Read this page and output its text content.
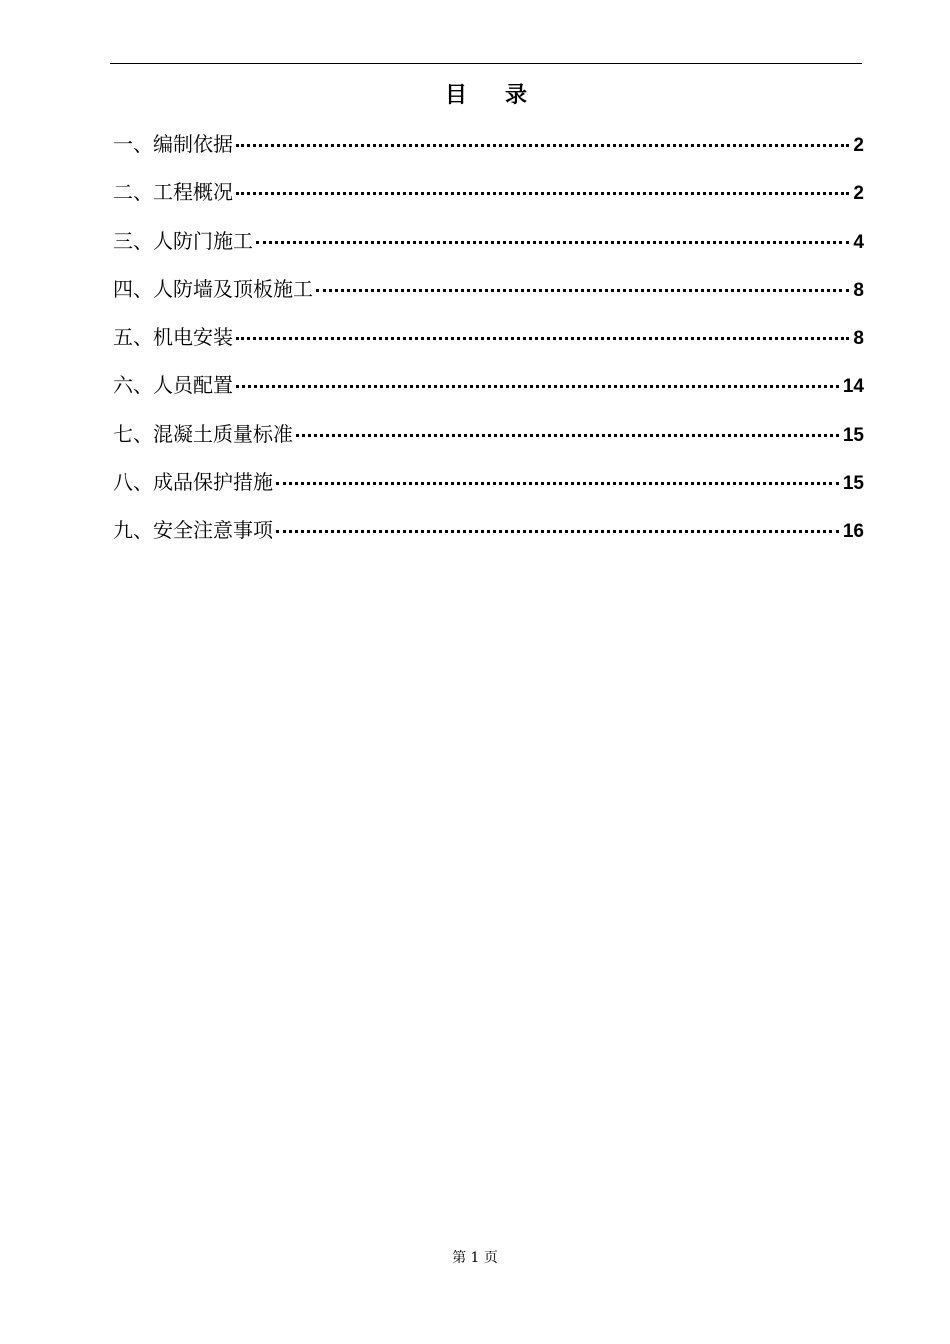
目录
一、编制依据	2
二、工程概况	2
三、人防门施工	4
四、人防墙及顶板施工	8
五、机电安装	8
六、人员配置	14
七、混凝土质量标准	15
八、成品保护措施	15
九、安全注意事项	16
第 1 页
